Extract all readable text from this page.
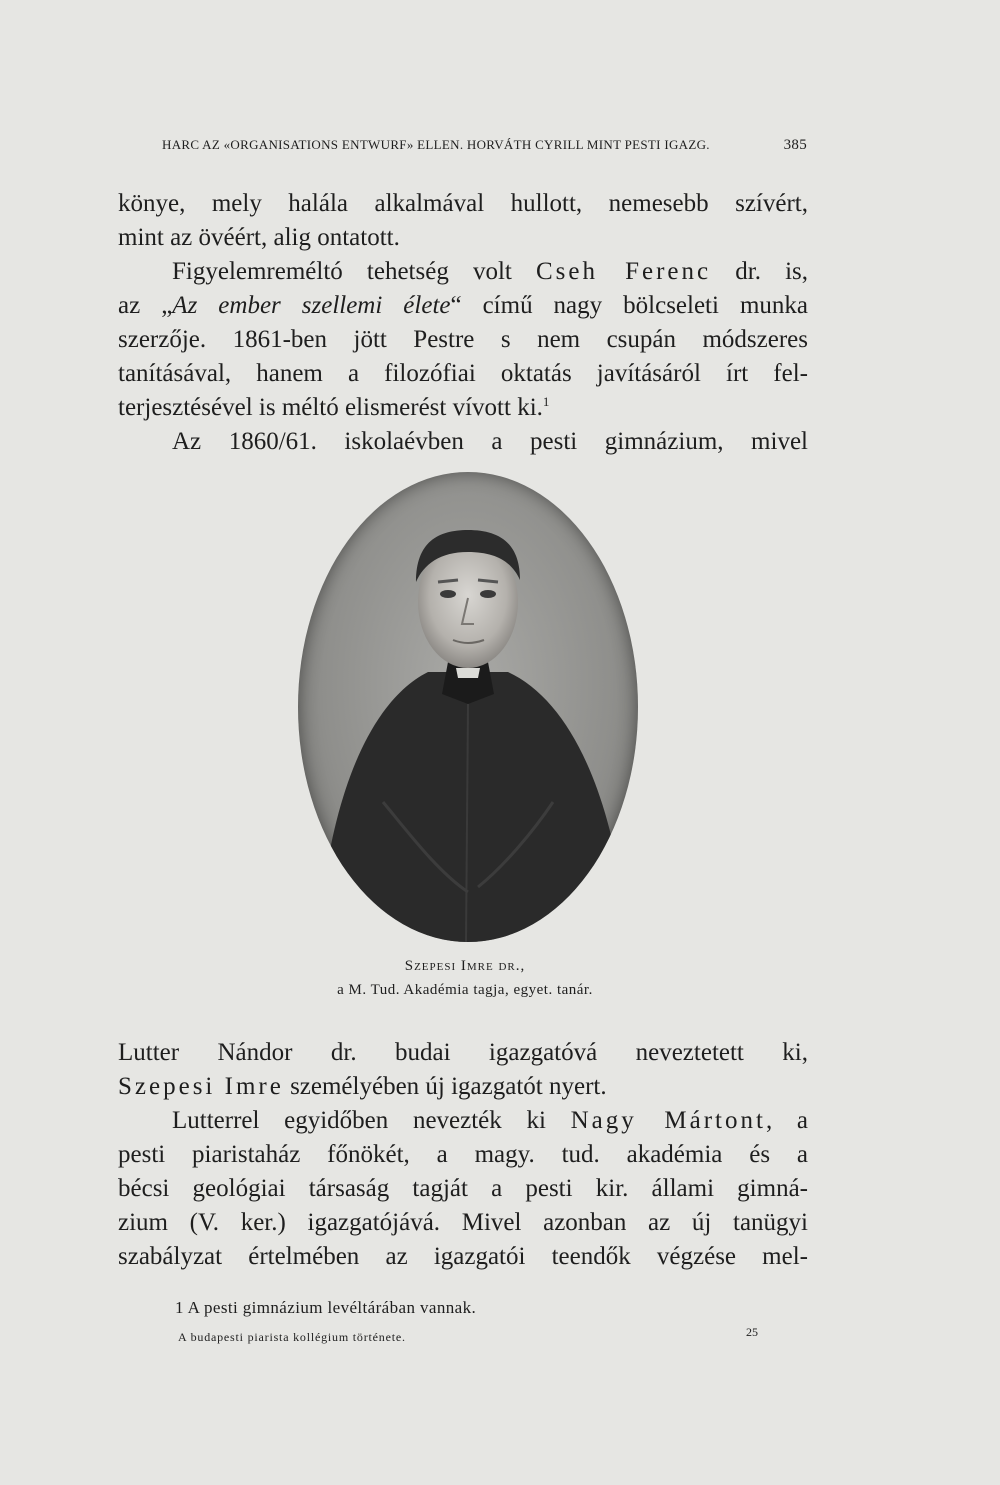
HARC AZ «ORGANISATIONS ENTWURF» ELLEN. HORVÁTH CYRILL MINT PESTI IGAZG.	385
könye, mely halála alkalmával hullott, nemesebb szívért,
mint az övéért, alig ontatott.
Figyelemreméltó tehetség volt Cseh Ferenc dr. is,
az „Az ember szellemi élete“ című nagy bölcseleti munka
szerzője. 1861-ben jött Pestre s nem csupán módszeres
tanításával, hanem a filozófiai oktatás javításáról írt fel-
terjesztésével is méltó elismerést vívott ki.$^1$
Az 1860/61. iskolaévben a pesti gimnázium, mivel
Szepesi Imre dr.,
a M. Tud. Akadémia tagja, egyet. tanár.
Lutter Nándor dr. budai igazgatóvá neveztetett ki,
Szepesi Imre személyében új igazgatót nyert.
Lutterrel egyidőben nevezték ki Nagy Mártont, a
pesti piaristaház főnökét, a magy. tud. akadémia és a
bécsi geológiai társaság tagját a pesti kir. állami gimná-
zium (V. ker.) igazgatójává. Mivel azonban az új tanügyi
szabályzat értelmében az igazgatói teendők végzése mel-
1 A pesti gimnázium levéltárában vannak.
A budapesti piarista kollégium története.	25
